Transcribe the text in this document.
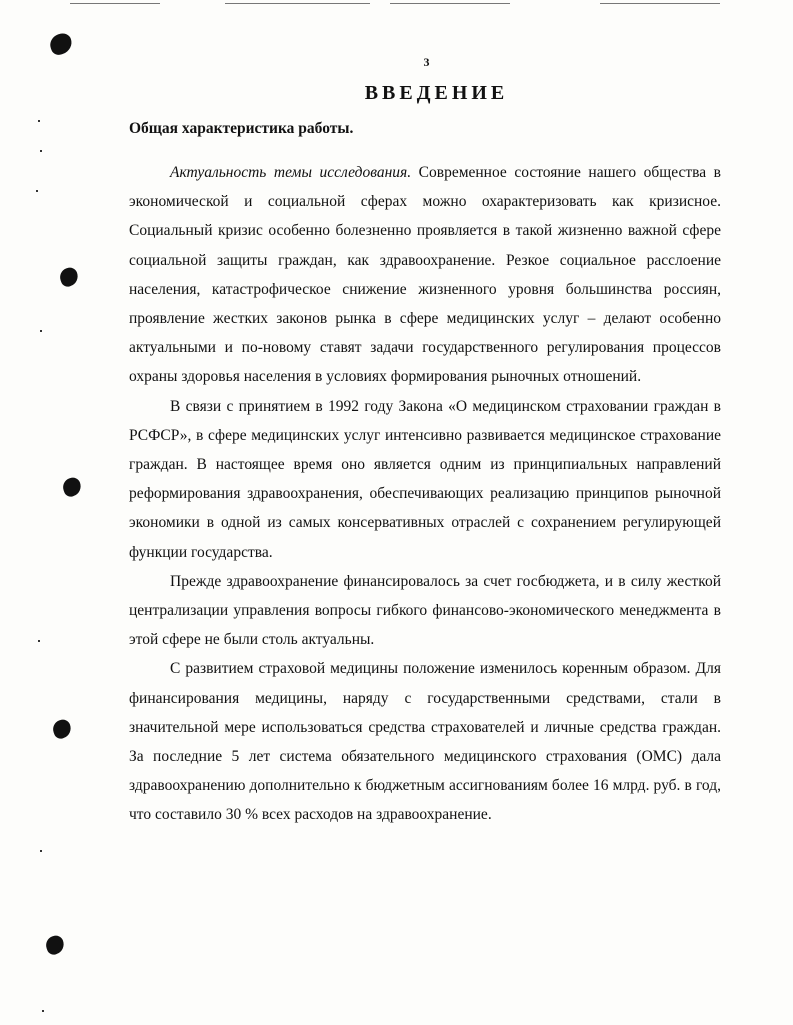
3
ВВЕДЕНИЕ
Общая характеристика работы.

Актуальность темы исследования. Современное состояние нашего общества в экономической и социальной сферах можно охарактеризовать как кризисное. Социальный кризис особенно болезненно проявляется в такой жизненно важной сфере социальной защиты граждан, как здравоохранение. Резкое социальное расслоение населения, катастрофическое снижение жизненного уровня большинства россиян, проявление жестких законов рынка в сфере медицинских услуг – делают особенно актуальными и по-новому ставят задачи государственного регулирования процессов охраны здоровья населения в условиях формирования рыночных отношений.

В связи с принятием в 1992 году Закона «О медицинском страховании граждан в РСФСР», в сфере медицинских услуг интенсивно развивается медицинское страхование граждан. В настоящее время оно является одним из принципиальных направлений реформирования здравоохранения, обеспечивающих реализацию принципов рыночной экономики в одной из самых консервативных отраслей с сохранением регулирующей функции государства.

Прежде здравоохранение финансировалось за счет госбюджета, и в силу жесткой централизации управления вопросы гибкого финансово-экономического менеджмента в этой сфере не были столь актуальны.

С развитием страховой медицины положение изменилось коренным образом. Для финансирования медицины, наряду с государственными средствами, стали в значительной мере использоваться средства страхователей и личные средства граждан. За последние 5 лет система обязательного медицинского страхования (ОМС) дала здравоохранению дополнительно к бюджетным ассигнованиям более 16 млрд. руб. в год, что составило 30 % всех расходов на здравоохранение.
